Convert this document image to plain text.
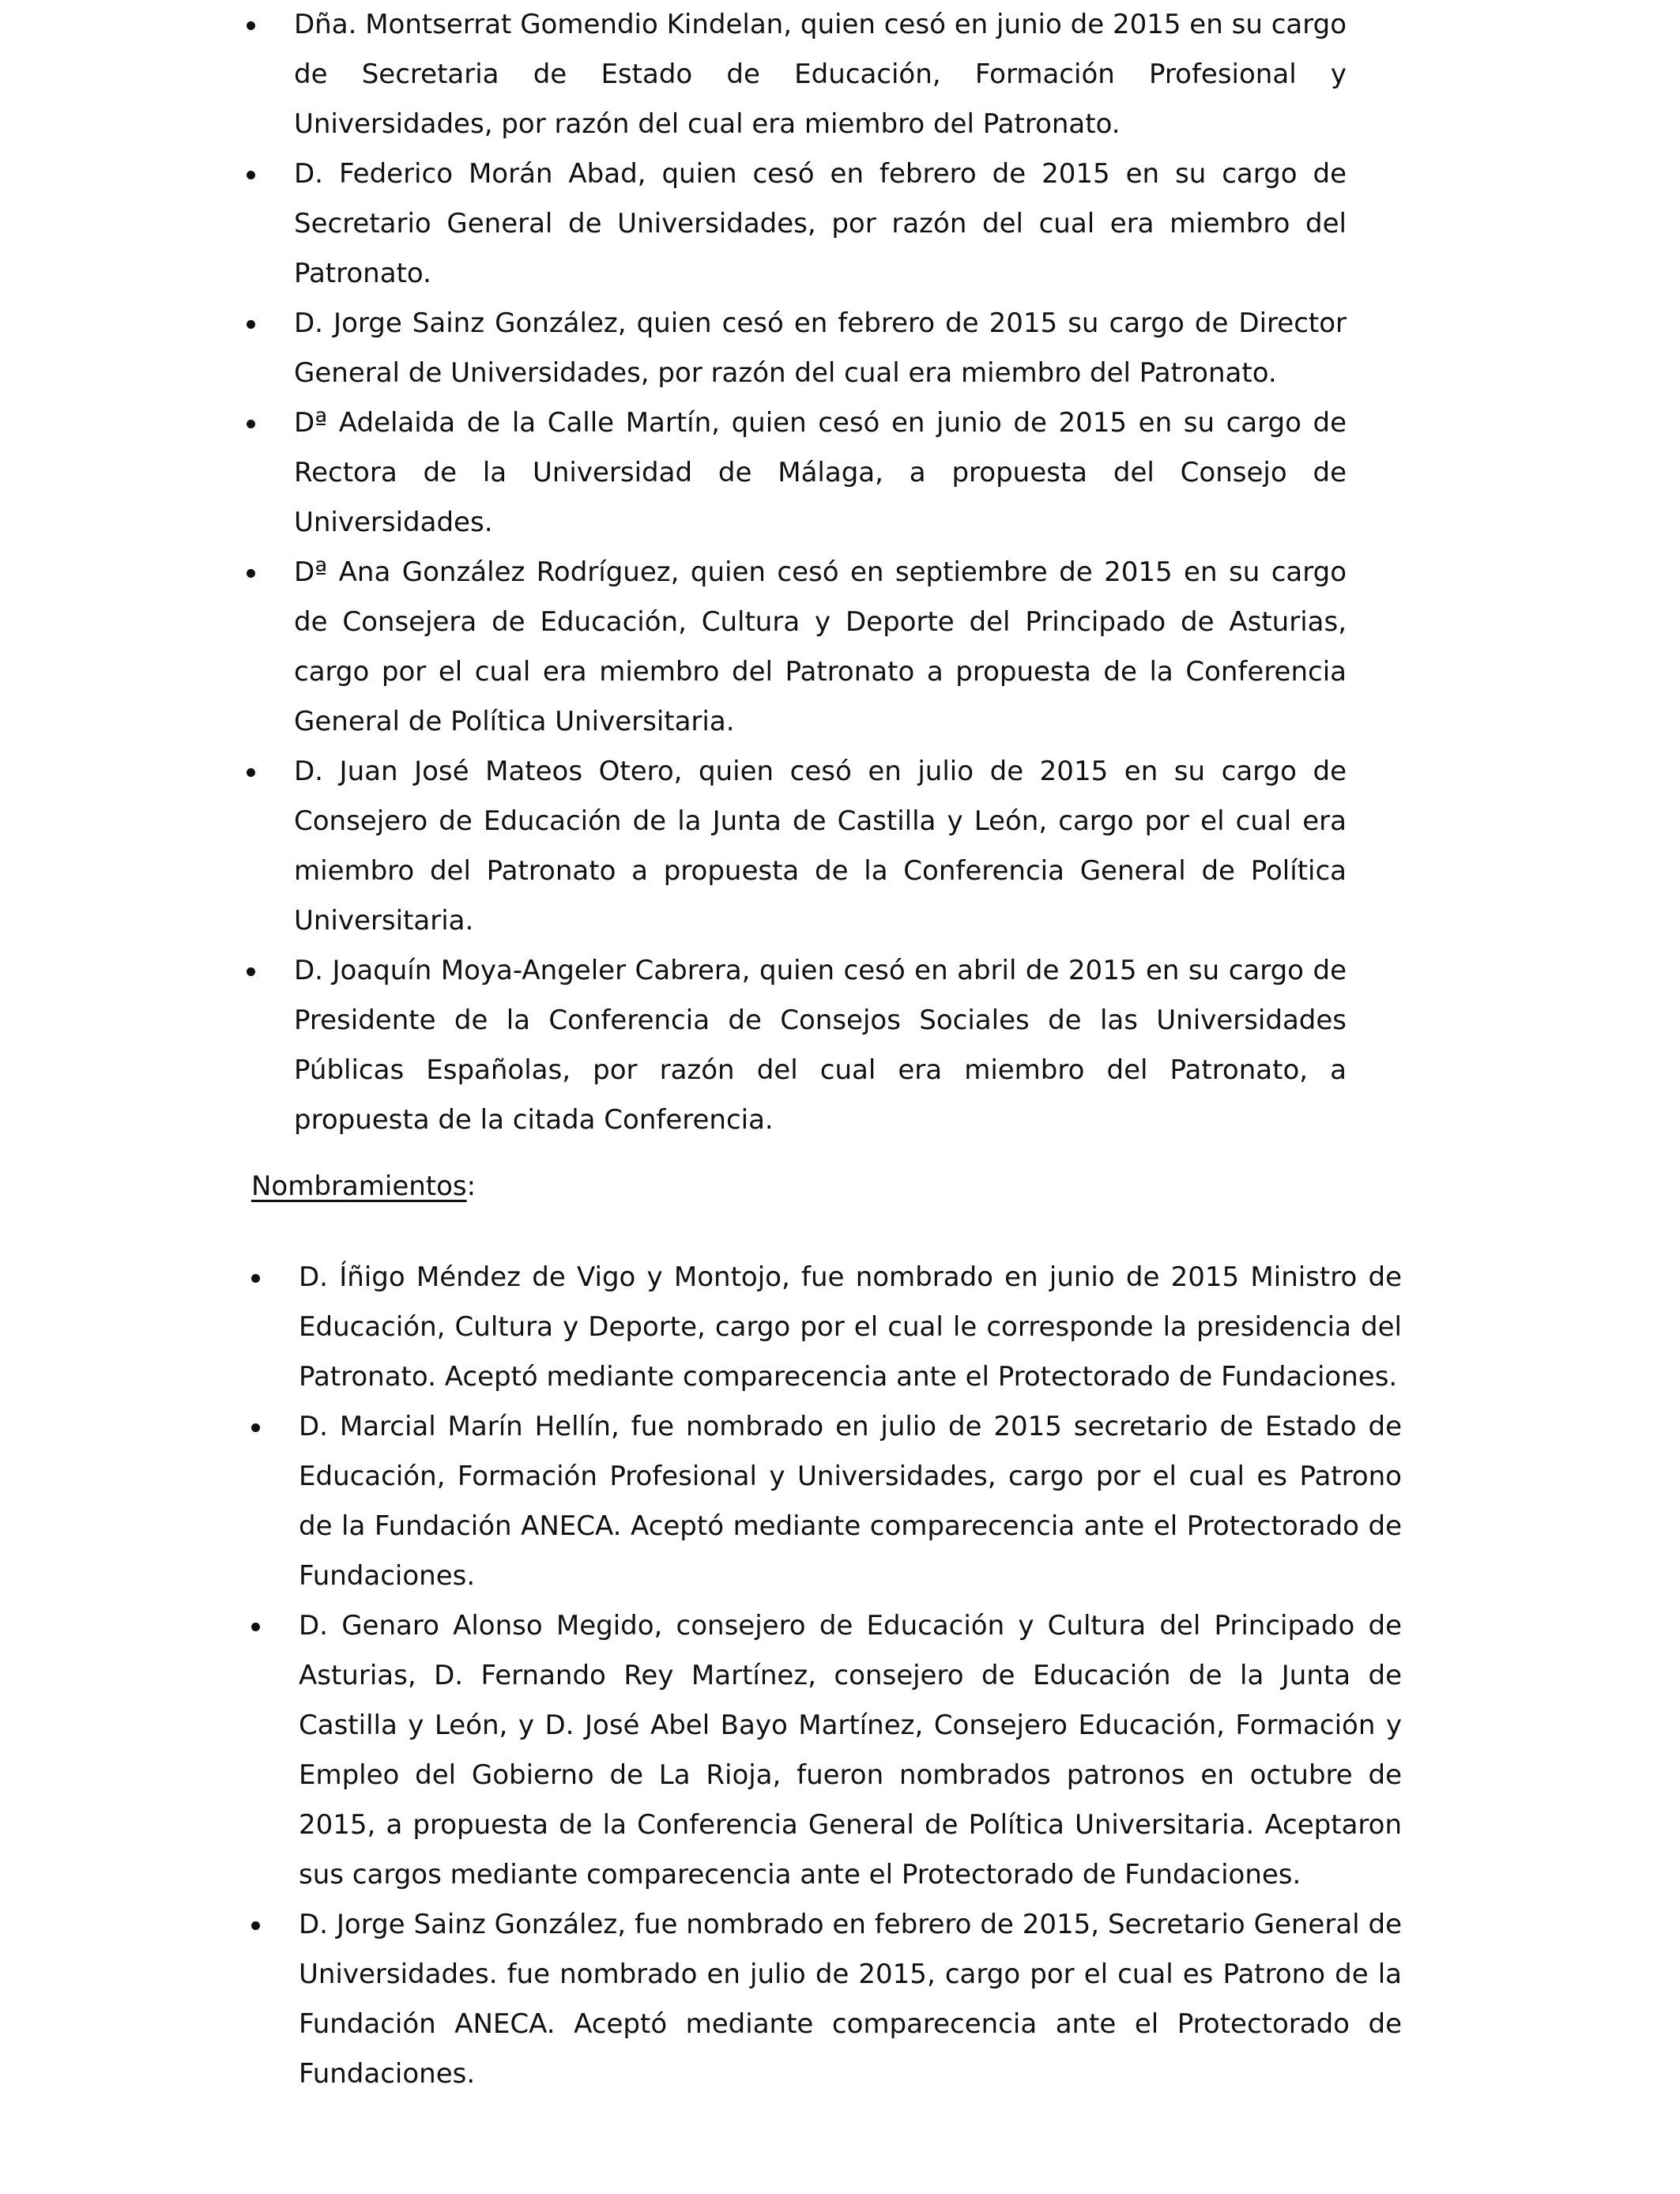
Dña. Montserrat Gomendio Kindelan, quien cesó en junio de 2015 en su cargo de Secretaria de Estado de Educación, Formación Profesional y Universidades, por razón del cual era miembro del Patronato.
D. Federico Morán Abad, quien cesó en febrero de 2015 en su cargo de Secretario General de Universidades, por razón del cual era miembro del Patronato.
D. Jorge Sainz González, quien cesó en febrero de 2015 su cargo de Director General de Universidades, por razón del cual era miembro del Patronato.
Dª Adelaida de la Calle Martín, quien cesó en junio de 2015 en su cargo de Rectora de la Universidad de Málaga, a propuesta del Consejo de Universidades.
Dª Ana González Rodríguez, quien cesó en septiembre de 2015 en su cargo de Consejera de Educación, Cultura y Deporte del Principado de Asturias, cargo por el cual era miembro del Patronato a propuesta de la Conferencia General de Política Universitaria.
D. Juan José Mateos Otero, quien cesó en julio de 2015 en su cargo de Consejero de Educación de la Junta de Castilla y León, cargo por el cual era miembro del Patronato a propuesta de la Conferencia General de Política Universitaria.
D. Joaquín Moya-Angeler Cabrera, quien cesó en abril de 2015 en su cargo de Presidente de la Conferencia de Consejos Sociales de las Universidades Públicas Españolas, por razón del cual era miembro del Patronato, a propuesta de la citada Conferencia.
Nombramientos:
D. Íñigo Méndez de Vigo y Montojo, fue nombrado en junio de 2015 Ministro de Educación, Cultura y Deporte, cargo por el cual le corresponde la presidencia del Patronato. Aceptó mediante comparecencia ante el Protectorado de Fundaciones.
D. Marcial Marín Hellín, fue nombrado en julio de 2015 secretario de Estado de Educación, Formación Profesional y Universidades, cargo por el cual es Patrono de la Fundación ANECA. Aceptó mediante comparecencia ante el Protectorado de Fundaciones.
D. Genaro Alonso Megido, consejero de Educación y Cultura del Principado de Asturias, D. Fernando Rey Martínez, consejero de Educación de la Junta de Castilla y León, y D. José Abel Bayo Martínez, Consejero Educación, Formación y Empleo del Gobierno de La Rioja, fueron nombrados patronos en octubre de 2015, a propuesta de la Conferencia General de Política Universitaria. Aceptaron sus cargos mediante comparecencia ante el Protectorado de Fundaciones.
D. Jorge Sainz González, fue nombrado en febrero de 2015, Secretario General de Universidades. fue nombrado en julio de 2015, cargo por el cual es Patrono de la Fundación ANECA. Aceptó mediante comparecencia ante el Protectorado de Fundaciones.
